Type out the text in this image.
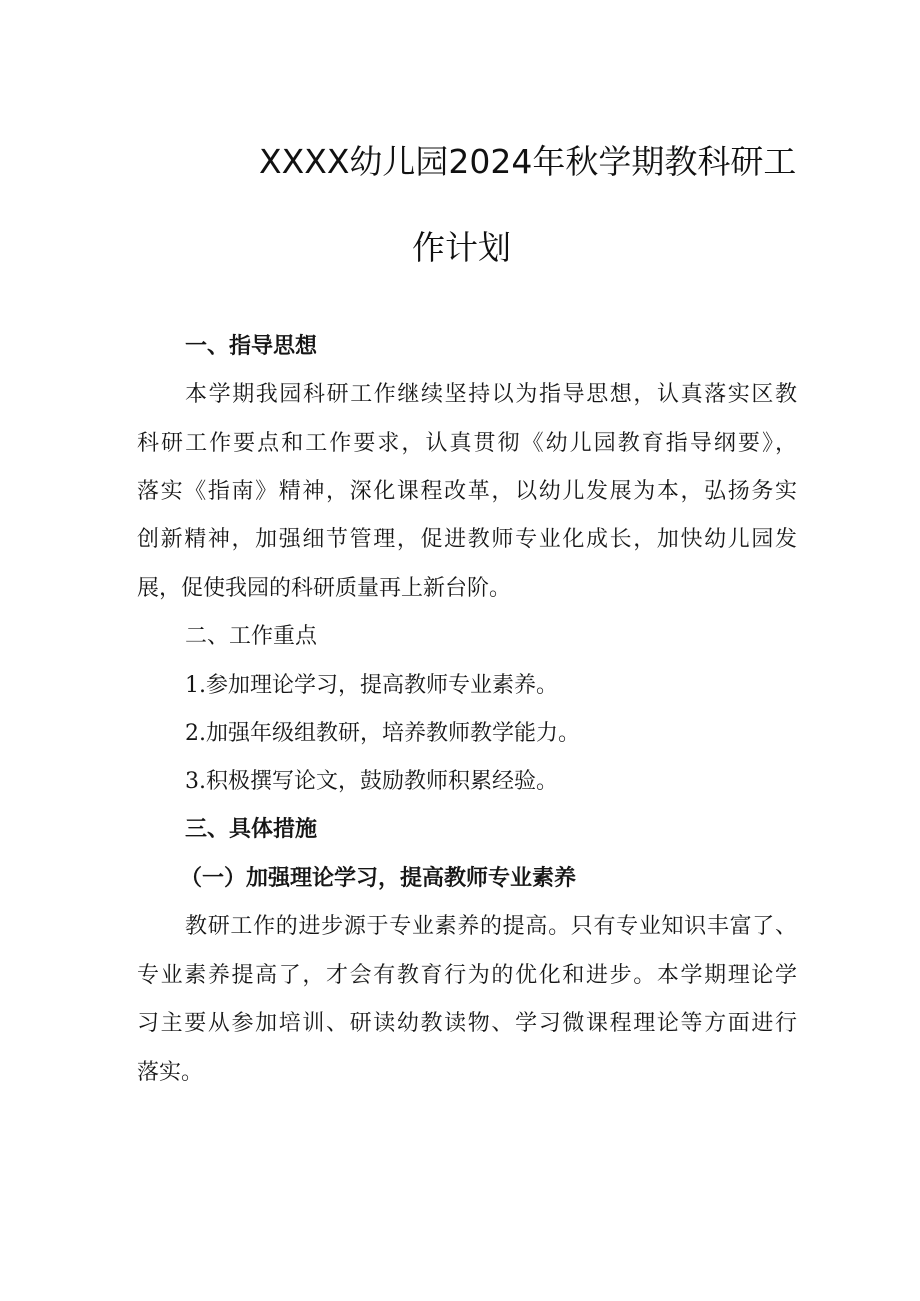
XXXX幼儿园2024年秋学期教科研工
作计划
一、指导思想
本学期我园科研工作继续坚持以为指导思想，认真落实区教
科研工作要点和工作要求，认真贯彻《幼儿园教育指导纲要》，
落实《指南》精神，深化课程改革，以幼儿发展为本，弘扬务实
创新精神，加强细节管理，促进教师专业化成长，加快幼儿园发
展，促使我园的科研质量再上新台阶。
二、工作重点
1.参加理论学习，提高教师专业素养。
2.加强年级组教研，培养教师教学能力。
3.积极撰写论文，鼓励教师积累经验。
三、具体措施
（一）加强理论学习，提高教师专业素养
教研工作的进步源于专业素养的提高。只有专业知识丰富了、
专业素养提高了，才会有教育行为的优化和进步。本学期理论学
习主要从参加培训、研读幼教读物、学习微课程理论等方面进行
落实。
